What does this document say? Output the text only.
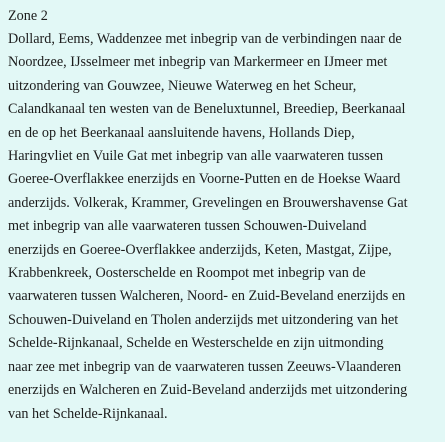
Zone 2

Dollard, Eems, Waddenzee met inbegrip van de verbindingen naar de
Noordzee, IJsselmeer met inbegrip van Markermeer en IJmeer met
uitzondering van Gouwzee, Nieuwe Waterweg en het Scheur,
Calandkanaal ten westen van de Beneluxtunnel, Breediep, Beerkanaal
en de op het Beerkanaal aansluitende havens, Hollands Diep,
Haringvliet en Vuile Gat met inbegrip van alle vaarwateren tussen
Goeree-Overflakkee enerzijds en Voorne-Putten en de Hoekse Waard
anderzijds. Volkerak, Krammer, Grevelingen en Brouwershavense Gat
met inbegrip van alle vaarwateren tussen Schouwen-Duiveland
enerzijds en Goeree-Overflakkee anderzijds, Keten, Mastgat, Zijpe,
Krabbenkreek, Oosterschelde en Roompot met inbegrip van de
vaarwateren tussen Walcheren, Noord- en Zuid-Beveland enerzijds en
Schouwen-Duiveland en Tholen anderzijds met uitzondering van het
Schelde-Rijnkanaal, Schelde en Westerschelde en zijn uitmonding
naar zee met inbegrip van de vaarwateren tussen Zeeuws-Vlaanderen
enerzijds en Walcheren en Zuid-Beveland anderzijds met uitzondering
van het Schelde-Rijnkanaal.
